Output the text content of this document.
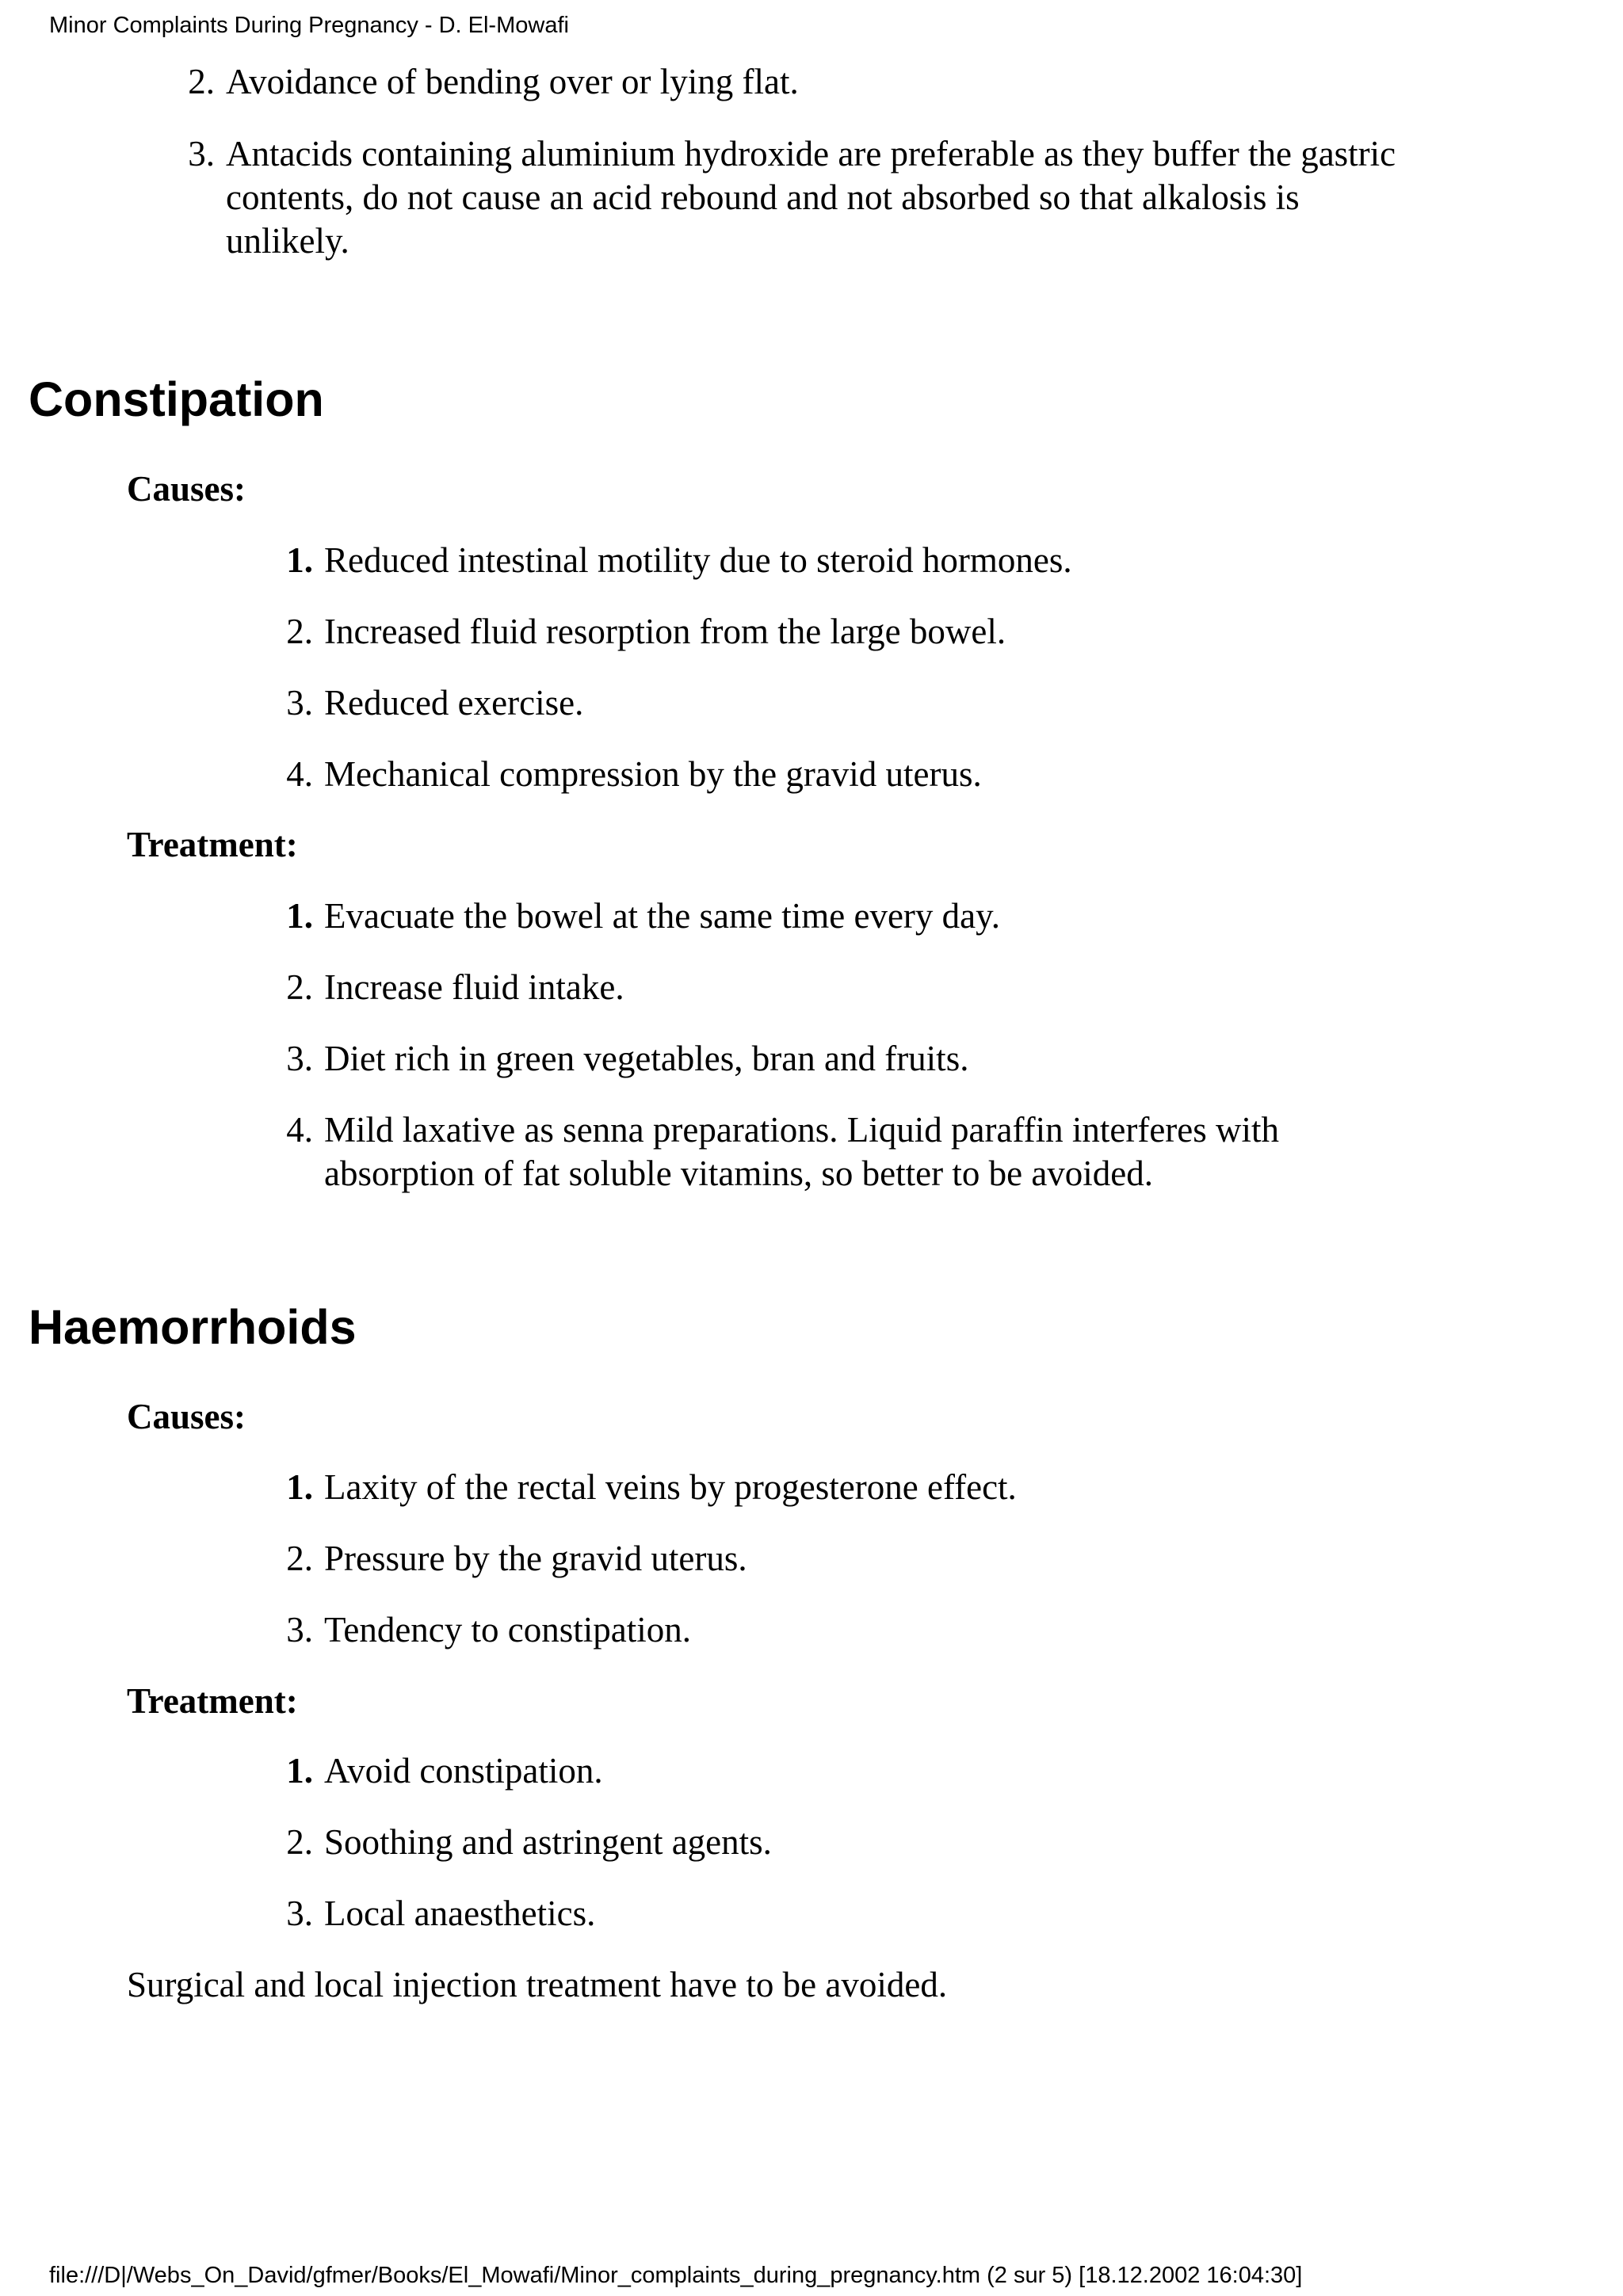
Minor Complaints During Pregnancy - D. El-Mowafi
2. Avoidance of bending over or lying flat.
3. Antacids containing aluminium hydroxide are preferable as they buffer the gastric
contents, do not cause an acid rebound and not absorbed so that alkalosis is
unlikely.
Constipation
Causes:
1. Reduced intestinal motility due to steroid hormones.
2. Increased fluid resorption from the large bowel.
3. Reduced exercise.
4. Mechanical compression by the gravid uterus.
Treatment:
1. Evacuate the bowel at the same time every day.
2. Increase fluid intake.
3. Diet rich in green vegetables, bran and fruits.
4. Mild laxative as senna preparations. Liquid paraffin interferes with
absorption of fat soluble vitamins, so better to be avoided.
Haemorrhoids
Causes:
1. Laxity of the rectal veins by progesterone effect.
2. Pressure by the gravid uterus.
3. Tendency to constipation.
Treatment:
1. Avoid constipation.
2. Soothing and astringent agents.
3. Local anaesthetics.
Surgical and local injection treatment have to be avoided.
file:///D|/Webs_On_David/gfmer/Books/El_Mowafi/Minor_complaints_during_pregnancy.htm (2 sur 5) [18.12.2002 16:04:30]
